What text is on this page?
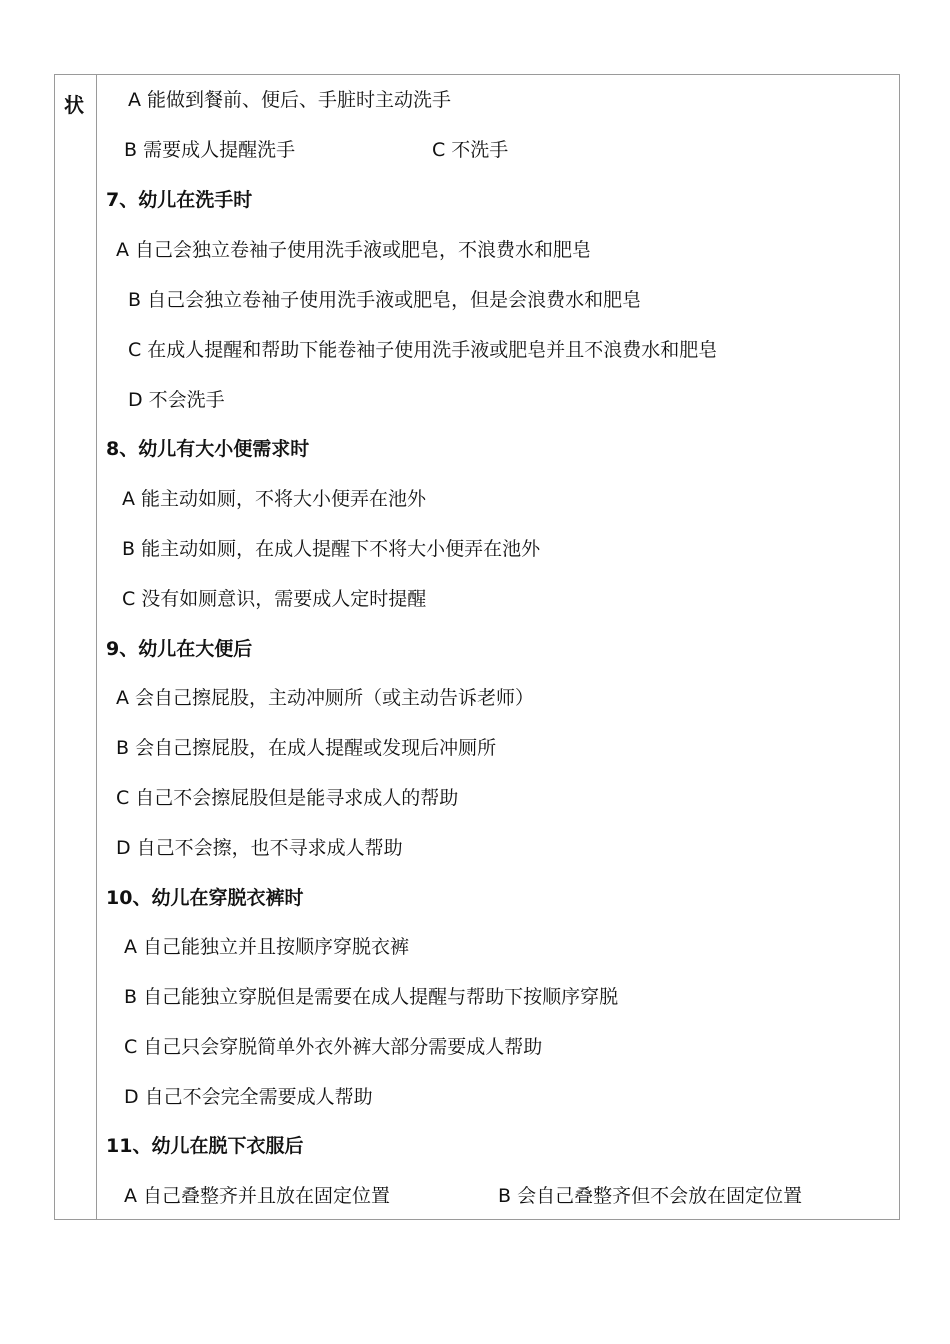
状 A 能做到餐前、便后、手脏时主动洗手
B 需要成人提醒洗手	C 不洗手
7、幼儿在洗手时
A 自己会独立卷袖子使用洗手液或肥皂，不浪费水和肥皂
B 自己会独立卷袖子使用洗手液或肥皂，但是会浪费水和肥皂
C 在成人提醒和帮助下能卷袖子使用洗手液或肥皂并且不浪费水和肥皂
D 不会洗手
8、幼儿有大小便需求时
A 能主动如厕，不将大小便弄在池外
B 能主动如厕，在成人提醒下不将大小便弄在池外
C 没有如厕意识，需要成人定时提醒
9、幼儿在大便后
A 会自己擦屁股，主动冲厕所（或主动告诉老师）
B 会自己擦屁股，在成人提醒或发现后冲厕所
C 自己不会擦屁股但是能寻求成人的帮助
D 自己不会擦，也不寻求成人帮助
10、幼儿在穿脱衣裤时
A 自己能独立并且按顺序穿脱衣裤
B 自己能独立穿脱但是需要在成人提醒与帮助下按顺序穿脱
C 自己只会穿脱简单外衣外裤大部分需要成人帮助
D 自己不会完全需要成人帮助
11、幼儿在脱下衣服后
A 自己叠整齐并且放在固定位置	B 会自己叠整齐但不会放在固定位置
